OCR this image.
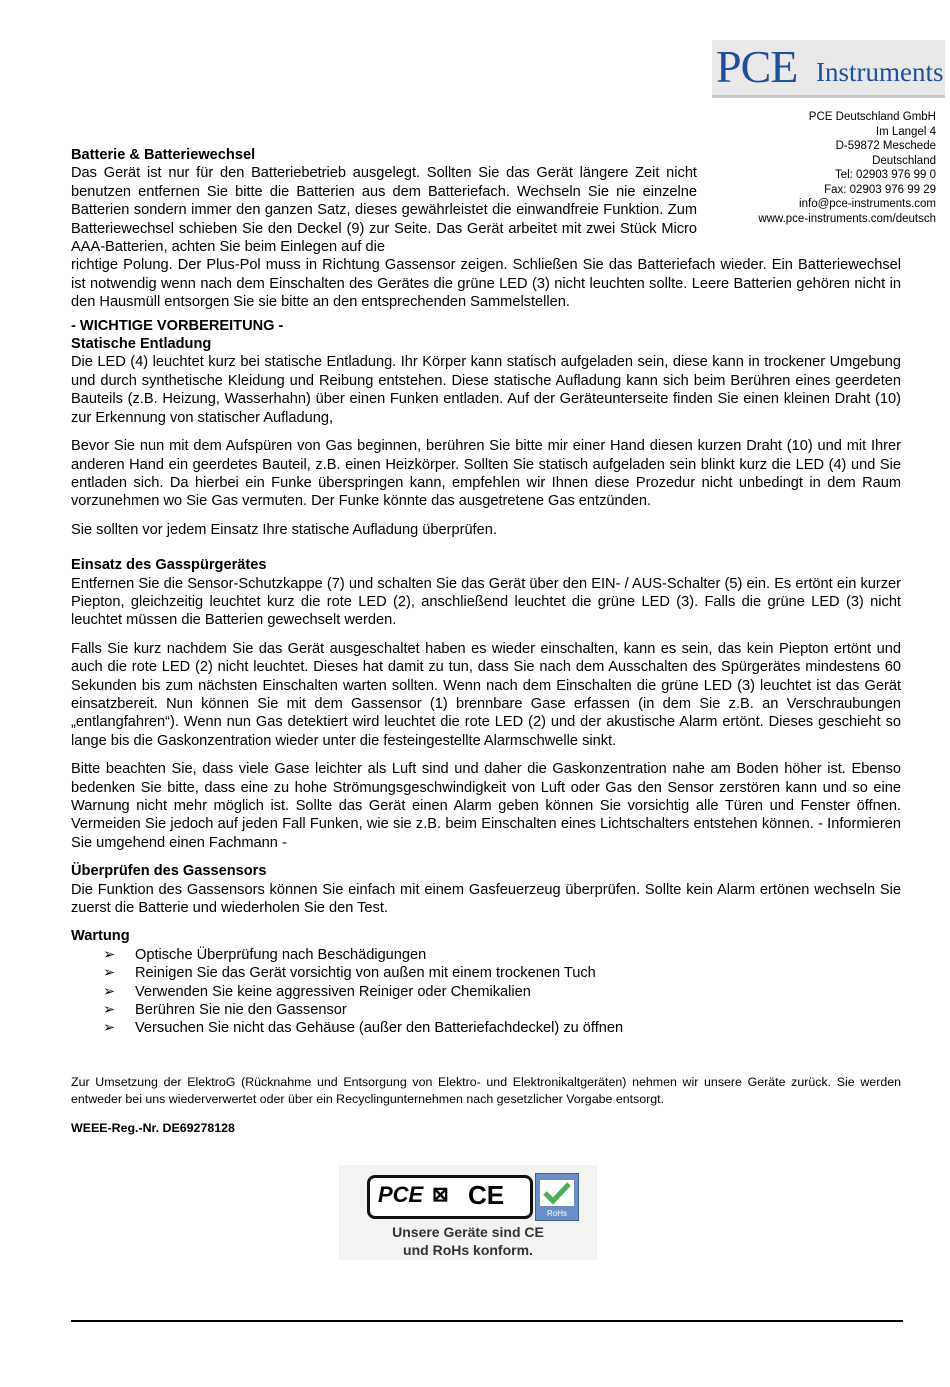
PCE Instruments
PCE Deutschland GmbH
Im Langel 4
D-59872 Meschede
Deutschland
Tel: 02903 976 99 0
Fax: 02903 976 99 29
info@pce-instruments.com
www.pce-instruments.com/deutsch
Batterie & Batteriewechsel

Das Gerät ist nur für den Batteriebetrieb ausgelegt. Sollten Sie das Gerät längere Zeit nicht benutzen entfernen Sie bitte die Batterien aus dem Batteriefach. Wechseln Sie nie einzelne Batterien sondern immer den ganzen Satz, dieses gewährleistet die einwandfreie Funktion. Zum Batteriewechsel schieben Sie den Deckel (9) zur Seite. Das Gerät arbeitet mit zwei Stück Micro AAA-Batterien, achten Sie beim Einlegen auf die

richtige Polung. Der Plus-Pol muss in Richtung Gassensor zeigen. Schließen Sie das Batteriefach wieder. Ein Batteriewechsel ist notwendig wenn nach dem Einschalten des Gerätes die grüne LED (3) nicht leuchten sollte. Leere Batterien gehören nicht in den Hausmüll entsorgen Sie sie bitte an den entsprechenden Sammelstellen.

- WICHTIGE VORBEREITUNG -

Statische Entladung

Die LED (4) leuchtet kurz bei statische Entladung. Ihr Körper kann statisch aufgeladen sein, diese kann in trockener Umgebung und durch synthetische Kleidung und Reibung entstehen. Diese statische Aufladung kann sich beim Berühren eines geerdeten Bauteils (z.B. Heizung, Wasserhahn) über einen Funken entladen. Auf der Geräteunterseite finden Sie einen kleinen Draht (10) zur Erkennung von statischer Aufladung,

Bevor Sie nun mit dem Aufspüren von Gas beginnen, berühren Sie bitte mir einer Hand diesen kurzen Draht (10) und mit Ihrer anderen Hand ein geerdetes Bauteil, z.B. einen Heizkörper. Sollten Sie statisch aufgeladen sein blinkt kurz die LED (4) und Sie entladen sich. Da hierbei ein Funke überspringen kann, empfehlen wir Ihnen diese Prozedur nicht unbedingt in dem Raum vorzunehmen wo Sie Gas vermuten. Der Funke könnte das ausgetretene Gas entzünden.

Sie sollten vor jedem Einsatz Ihre statische Aufladung überprüfen.

Einsatz des Gasspürgerätes

Entfernen Sie die Sensor-Schutzkappe (7) und schalten Sie das Gerät über den EIN- / AUS-Schalter (5) ein. Es ertönt ein kurzer Piepton, gleichzeitig leuchtet kurz die rote LED (2), anschließend leuchtet die grüne LED (3). Falls die grüne LED (3) nicht leuchtet müssen die Batterien gewechselt werden.

Falls Sie kurz nachdem Sie das Gerät ausgeschaltet haben es wieder einschalten, kann es sein, das kein Piepton ertönt und auch die rote LED (2) nicht leuchtet. Dieses hat damit zu tun, dass Sie nach dem Ausschalten des Spürgerätes mindestens 60 Sekunden bis zum nächsten Einschalten warten sollten. Wenn nach dem Einschalten die grüne LED (3) leuchtet ist das Gerät einsatzbereit. Nun können Sie mit dem Gassensor (1) brennbare Gase erfassen (in dem Sie z.B. an Verschraubungen „entlangfahren“). Wenn nun Gas detektiert wird leuchtet die rote LED (2) und der akustische Alarm ertönt. Dieses geschieht so lange bis die Gaskonzentration wieder unter die festeingestellte Alarmschwelle sinkt.

Bitte beachten Sie, dass viele Gase leichter als Luft sind und daher die Gaskonzentration nahe am Boden höher ist. Ebenso bedenken Sie bitte, dass eine zu hohe Strömungsgeschwindigkeit von Luft oder Gas den Sensor zerstören kann und so eine Warnung nicht mehr möglich ist. Sollte das Gerät einen Alarm geben können Sie vorsichtig alle Türen und Fenster öffnen. Vermeiden Sie jedoch auf jeden Fall Funken, wie sie z.B. beim Einschalten eines Lichtschalters entstehen können. - Informieren Sie umgehend einen Fachmann -

Überprüfen des Gassensors

Die Funktion des Gassensors können Sie einfach mit einem Gasfeuerzeug überprüfen. Sollte kein Alarm ertönen wechseln Sie zuerst die Batterie und wiederholen Sie den Test.

Wartung
➢ Optische Überprüfung nach Beschädigungen
➢ Reinigen Sie das Gerät vorsichtig von außen mit einem trockenen Tuch
➢ Verwenden Sie keine aggressiven Reiniger oder Chemikalien
➢ Berühren Sie nie den Gassensor
➢ Versuchen Sie nicht das Gehäuse (außer den Batteriefachdeckel) zu öffnen

Zur Umsetzung der ElektroG (Rücknahme und Entsorgung von Elektro- und Elektronikaltgeräten) nehmen wir unsere Geräte zurück. Sie werden entweder bei uns wiederverwertet oder über ein Recyclingunternehmen nach gesetzlicher Vorgabe entsorgt.

WEEE-Reg.-Nr. DE69278128
PCE ⊠ CE
RoHs
Unsere Geräte sind CE
und RoHs konform.
